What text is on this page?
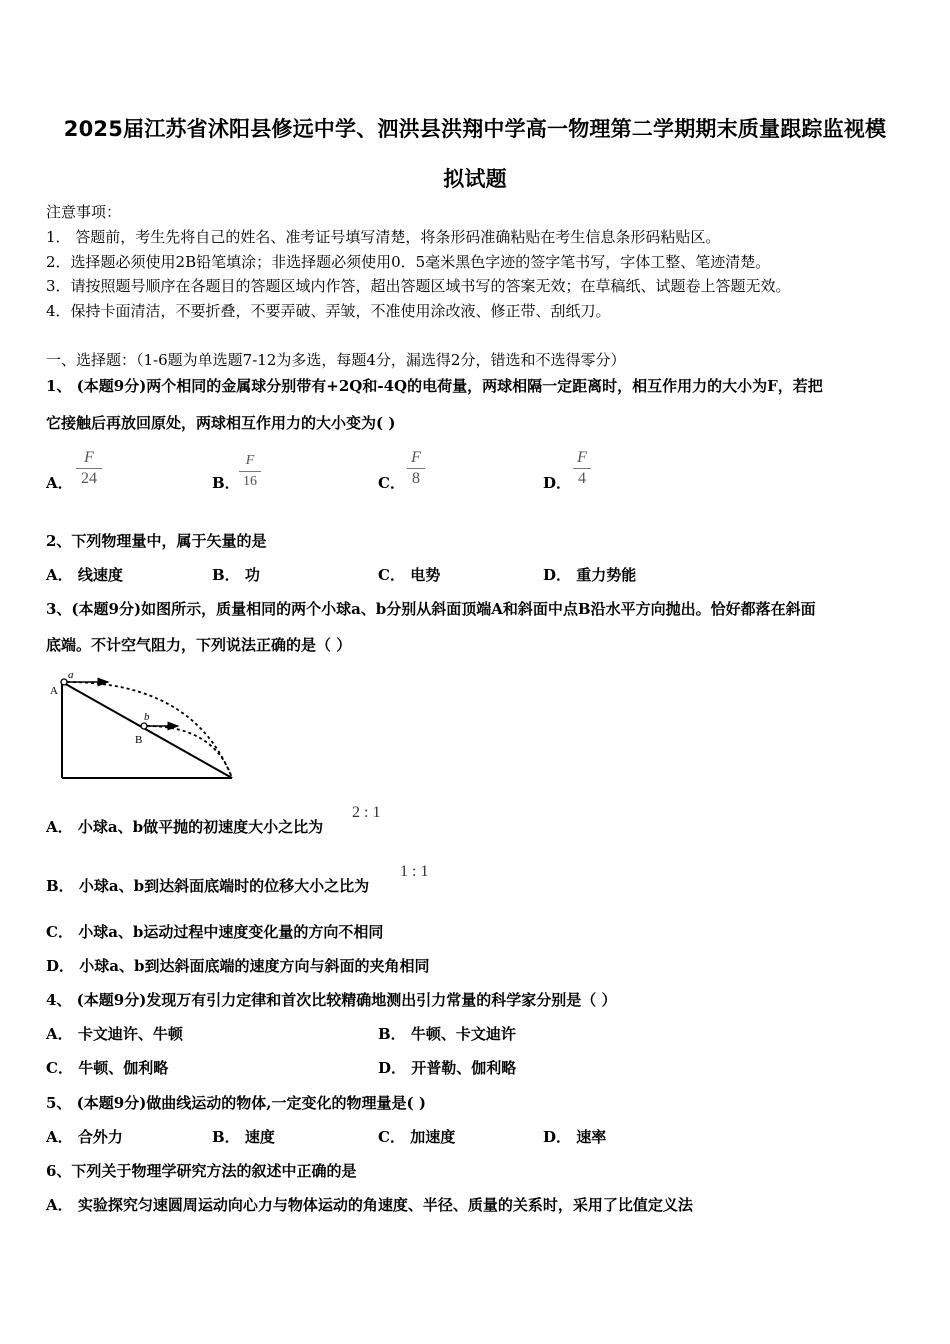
2025届江苏省沭阳县修远中学、泗洪县洪翔中学高一物理第二学期期末质量跟踪监视模
拟试题
注意事项：
1． 答题前，考生先将自己的姓名、准考证号填写清楚，将条形码准确粘贴在考生信息条形码粘贴区。
2．选择题必须使用2B铅笔填涂；非选择题必须使用0．5毫米黑色字迹的签字笔书写，字体工整、笔迹清楚。
3．请按照题号顺序在各题目的答题区域内作答，超出答题区域书写的答案无效；在草稿纸、试题卷上答题无效。
4．保持卡面清洁，不要折叠，不要弄破、弄皱，不准使用涂改液、修正带、刮纸刀。
一、选择题：（1-6题为单选题7-12为多选，每题4分，漏选得2分，错选和不选得零分）
1、 (本题9分)两个相同的金属球分别带有+2Q和-4Q的电荷量，两球相隔一定距离时，相互作用力的大小为F，若把
它接触后再放回原处，两球相互作用力的大小变为( )
A．
F
24	B．
F
16	C．
F
8	D．
F
4
2、下列物理量中，属于矢量的是
A． 线速度	B． 功	C． 电势	D． 重力势能
3、(本题9分)如图所示，质量相同的两个小球a、b分别从斜面顶端A和斜面中点B沿水平方向抛出。恰好都落在斜面
底端。不计空气阻力，下列说法正确的是（ ）
a
A
b
B
A． 小球a、b做平抛的初速度大小之比为
2 : 1
B． 小球a、b到达斜面底端时的位移大小之比为
1 : 1
C． 小球a、b运动过程中速度变化量的方向不相同
D． 小球a、b到达斜面底端的速度方向与斜面的夹角相同
4、 (本题9分)发现万有引力定律和首次比较精确地测出引力常量的科学家分别是（ ）
A． 卡文迪许、牛顿	B． 牛顿、卡文迪许
C． 牛顿、伽利略	D． 开普勒、伽利略
5、 (本题9分)做曲线运动的物体,一定变化的物理量是( )
A． 合外力	B． 速度	C． 加速度	D． 速率
6、下列关于物理学研究方法的叙述中正确的是
A． 实验探究匀速圆周运动向心力与物体运动的角速度、半径、质量的关系时，采用了比值定义法
